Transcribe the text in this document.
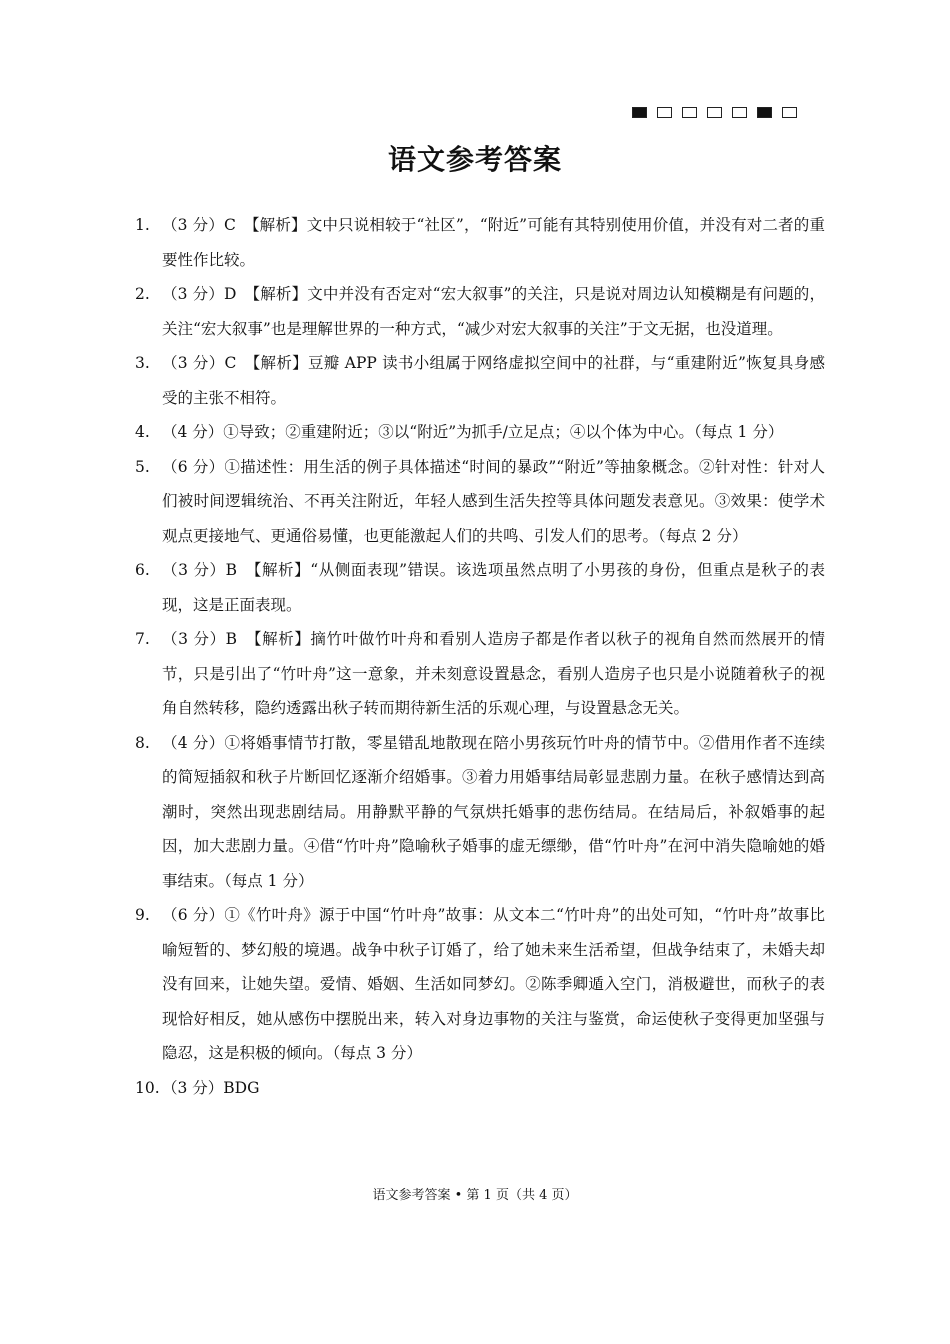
语文参考答案
1. （3 分）C　【解析】文中只说相较于“社区”，“附近”可能有其特别使用价值，并没有对二者的重要性作比较。
2. （3 分）D　【解析】文中并没有否定对“宏大叙事”的关注，只是说对周边认知模糊是有问题的，关注“宏大叙事”也是理解世界的一种方式，“减少对宏大叙事的关注”于文无据，也没道理。
3. （3 分）C　【解析】豆瓣 APP 读书小组属于网络虚拟空间中的社群，与“重建附近”恢复具身感受的主张不相符。
4. （4 分）①导致；②重建附近；③以“附近”为抓手/立足点；④以个体为中心。（每点 1 分）
5. （6 分）①描述性：用生活的例子具体描述“时间的暴政”“附近”等抽象概念。②针对性：针对人们被时间逻辑统治、不再关注附近，年轻人感到生活失控等具体问题发表意见。③效果：使学术观点更接地气、更通俗易懂，也更能激起人们的共鸣、引发人们的思考。（每点 2 分）
6. （3 分）B　【解析】“从侧面表现”错误。该选项虽然点明了小男孩的身份，但重点是秋子的表现，这是正面表现。
7. （3 分）B　【解析】摘竹叶做竹叶舟和看别人造房子都是作者以秋子的视角自然而然展开的情节，只是引出了“竹叶舟”这一意象，并未刻意设置悬念，看别人造房子也只是小说随着秋子的视角自然转移，隐约透露出秋子转而期待新生活的乐观心理，与设置悬念无关。
8. （4 分）①将婚事情节打散，零星错乱地散现在陪小男孩玩竹叶舟的情节中。②借用作者不连续的简短插叙和秋子片断回忆逐渐介绍婚事。③着力用婚事结局彰显悲剧力量。在秋子感情达到高潮时，突然出现悲剧结局。用静默平静的气氛烘托婚事的悲伤结局。在结局后，补叙婚事的起因，加大悲剧力量。④借“竹叶舟”隐喻秋子婚事的虚无缥缈，借“竹叶舟”在河中消失隐喻她的婚事结束。（每点 1 分）
9. （6 分）①《竹叶舟》源于中国“竹叶舟”故事：从文本二“竹叶舟”的出处可知，“竹叶舟”故事比喻短暂的、梦幻般的境遇。战争中秋子订婚了，给了她未来生活希望，但战争结束了，未婚夫却没有回来，让她失望。爱情、婚姻、生活如同梦幻。②陈季卿遁入空门，消极避世，而秋子的表现恰好相反，她从感伤中摆脱出来，转入对身边事物的关注与鉴赏，命运使秋子变得更加坚强与隐忍，这是积极的倾向。（每点 3 分）
10. （3 分）BDG
语文参考答案 • 第 1 页（共 4 页）
